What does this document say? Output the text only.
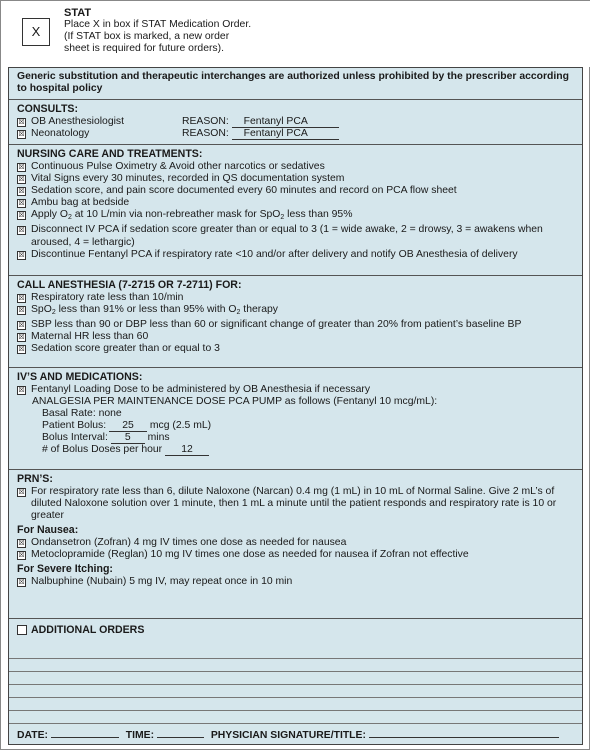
X
STAT
Place X in box if STAT Medication Order.
(If STAT box is marked, a new order
sheet is required for future orders).
Generic substitution and therapeutic interchanges are authorized unless prohibited by the prescriber according to hospital policy
CONSULTS:
☒ OB Anesthesiologist	REASON: Fentanyl PCA
☒ Neonatology	REASON: Fentanyl PCA
NURSING CARE AND TREATMENTS:
☒ Continuous Pulse Oximetry & Avoid other narcotics or sedatives
☒ Vital Signs every 30 minutes, recorded in QS documentation system
☒ Sedation score, and pain score documented every 60 minutes and record on PCA flow sheet
☒ Ambu bag at bedside
☒ Apply $O_2$ at 10 L/min via non-rebreather mask for SpO$_2$ less than 95%
☒ Disconnect IV PCA if sedation score greater than or equal to 3 (1 = wide awake, 2 = drowsy, 3 = awakens when aroused, 4 = lethargic)
☒ Discontinue Fentanyl PCA if respiratory rate <10 and/or after delivery and notify OB Anesthesia of delivery
CALL ANESTHESIA (7-2715 OR 7-2711) FOR:
☒ Respiratory rate less than 10/min
☒ SpO$_2$ less than 91% or less than 95% with $O_2$ therapy
☒ SBP less than 90 or DBP less than 60 or significant change of greater than 20% from patient’s baseline BP
☒ Maternal HR less than 60
☒ Sedation score greater than or equal to 3
IV’S AND MEDICATIONS:
☒ Fentanyl Loading Dose to be administered by OB Anesthesia if necessary
ANALGESIA PER MAINTENANCE DOSE PCA PUMP as follows (Fentanyl 10 mcg/mL):
Basal Rate: none
Patient Bolus: 25 mcg (2.5 mL)
Bolus Interval: 5 mins
# of Bolus Doses per hour 12
PRN’S:
☒ For respiratory rate less than 6, dilute Naloxone (Narcan) 0.4 mg (1 mL) in 10 mL of Normal Saline. Give 2 mL’s of diluted Naloxone solution over 1 minute, then 1 mL a minute until the patient responds and respiratory rate is 10 or greater
For Nausea:
☒ Ondansetron (Zofran) 4 mg IV times one dose as needed for nausea
☒ Metoclopramide (Reglan) 10 mg IV times one dose as needed for nausea if Zofran not effective
For Severe Itching:
☒ Nalbuphine (Nubain) 5 mg IV, may repeat once in 10 min
ADDITIONAL ORDERS
DATE:	TIME:	PHYSICIAN SIGNATURE/TITLE:
